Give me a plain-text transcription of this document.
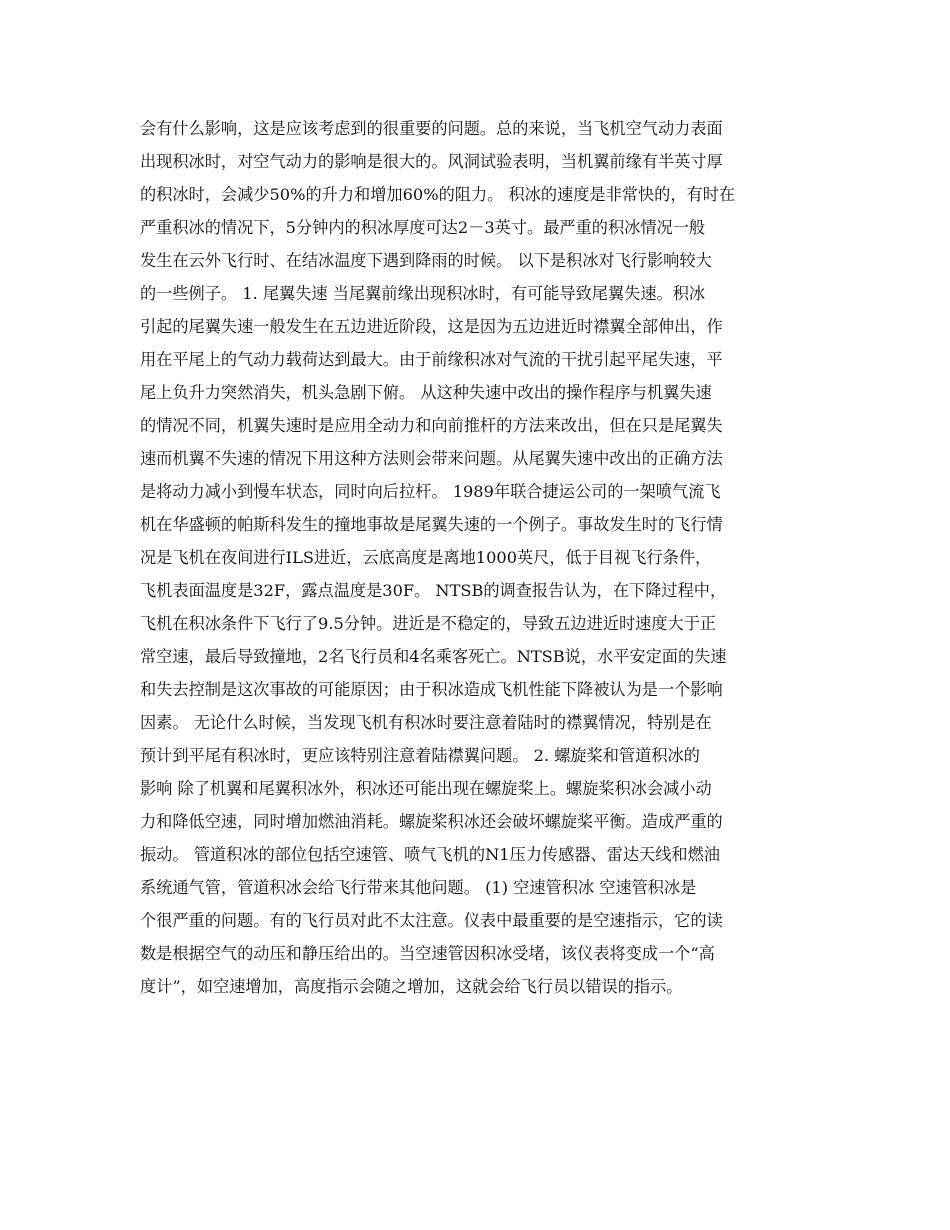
会有什么影响，这是应该考虑到的很重要的问题。总的来说，当飞机空气动力表面
出现积冰时，对空气动力的影响是很大的。风洞试验表明，当机翼前缘有半英寸厚
的积冰时，会减少50%的升力和增加60%的阻力。 积冰的速度是非常快的，有时在
严重积冰的情况下，5分钟内的积冰厚度可达2－3英寸。最严重的积冰情况一般
发生在云外飞行时、在结冰温度下遇到降雨的时候。 以下是积冰对飞行影响较大
的一些例子。 1. 尾翼失速 当尾翼前缘出现积冰时，有可能导致尾翼失速。积冰
引起的尾翼失速一般发生在五边进近阶段，这是因为五边进近时襟翼全部伸出，作
用在平尾上的气动力载荷达到最大。由于前缘积冰对气流的干扰引起平尾失速，平
尾上负升力突然消失，机头急剧下俯。 从这种失速中改出的操作程序与机翼失速
的情况不同，机翼失速时是应用全动力和向前推杆的方法来改出，但在只是尾翼失
速而机翼不失速的情况下用这种方法则会带来问题。从尾翼失速中改出的正确方法
是将动力减小到慢车状态，同时向后拉杆。 1989年联合捷运公司的一架喷气流飞
机在华盛顿的帕斯科发生的撞地事故是尾翼失速的一个例子。事故发生时的飞行情
况是飞机在夜间进行ILS进近，云底高度是离地1000英尺，低于目视飞行条件，
飞机表面温度是32F，露点温度是30F。 NTSB的调查报告认为，在下降过程中，
飞机在积冰条件下飞行了9.5分钟。进近是不稳定的，导致五边进近时速度大于正
常空速，最后导致撞地，2名飞行员和4名乘客死亡。NTSB说，水平安定面的失速
和失去控制是这次事故的可能原因；由于积冰造成飞机性能下降被认为是一个影响
因素。 无论什么时候，当发现飞机有积冰时要注意着陆时的襟翼情况，特别是在
预计到平尾有积冰时，更应该特别注意着陆襟翼问题。 2. 螺旋桨和管道积冰的
影响 除了机翼和尾翼积冰外，积冰还可能出现在螺旋桨上。螺旋桨积冰会减小动
力和降低空速，同时增加燃油消耗。螺旋桨积冰还会破坏螺旋桨平衡。造成严重的
振动。 管道积冰的部位包括空速管、喷气飞机的N1压力传感器、雷达天线和燃油
系统通气管，管道积冰会给飞行带来其他问题。 (1) 空速管积冰 空速管积冰是
个很严重的问题。有的飞行员对此不太注意。仪表中最重要的是空速指示，它的读
数是根据空气的动压和静压给出的。当空速管因积冰受堵，该仪表将变成一个“高
度计”，如空速增加，高度指示会随之增加，这就会给飞行员以错误的指示。
